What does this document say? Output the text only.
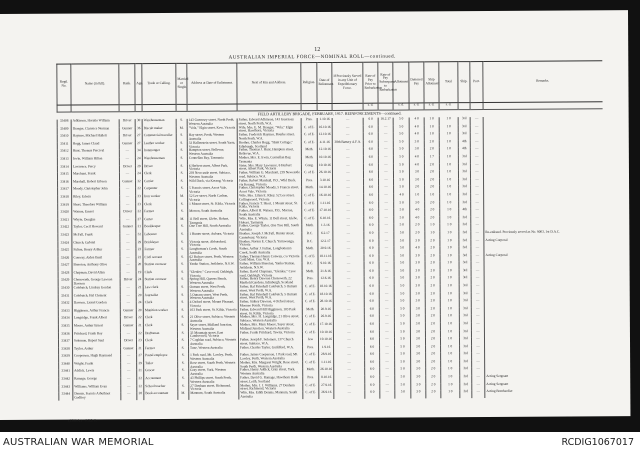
12
AUSTRALIAN IMPERIAL FORCE—NOMINAL ROLL—continued.
Regtl. No.	Name (in full).	Rank.	Age.	Trade or Calling.	Married or Single.	Address at Date of Enlistment.	Next of Kin and Address.	Religion.	Date of Enlistment.	If Previously Served in any Unit of Expeditionary Force.	Rate of Pay Prior to Embarkation	Rate of Pay Subsequent to Embarkation	Allotment	Deferred Pay	Ship Allotment	Total	Ship.	Port.	Remarks.
											s. d.		s. d.	s. d.	s. d.	s. d.			
FIELD ARTILLERY BRIGADE, FEBRUARY, 1917. REINFORCEMENTS—continued.																			
33408	Adkinson, Horatio William	Driver	30	Warehouseman	S.	143 Guernsey street, North Perth, Western Australia	Father, Edward Adkinson, 143 Guernsey street, North Perth, W.A.	Pres.	1.10.16	—	6 0	16.2.17	5 0	4 0	1 0	1 0	3rd	—	
33409	Draeger, Clarence Norman	Gunner	36	Biscuit maker	M.	"Vola," Elgin street, Kew, Victoria	Wife, Mrs. E. M. Draeger, "Vola," Elgin street, Hawthorn, Victoria	C. of E.	16.10.16	—	6 0	—	5 0	4 0	1 0	1 0	3rd	—	
33410	Haymes, Michael Hallett	Driver	27	Commercial traveller	S.	Hay street, Perth, Western Australia	Father, Frederick Haymes, Bourke street, North Perth, W.A.	C. of E.	12.10.16	—	6 0	—	5 0	4 0	1 0	1 0	3rd	—	
33411	Hogg, James Claud	Gunner	27	Leather worker	S.	33 Hallenstein street, South Yarra, Victoria	Brother, Charles Hogg, "Hunt Cottage," Edinburgh, Scotland	C. of E.	4.11.16	38th Battery A.F.A.	6 0	—	5 0	3 0	2 0	1 0	4th	—	
33412	Hunt, Thomas Percival	—	34	Ironmonger	S.	Hampton street, Bellevue, Western Australia	Father, Thomas J. Hunt, Hampton street, Bellevue, W.A.	Meth.	12.10.16	—	6 0	—	5 0	3 0	2 0	1 0	4th	—	
33413	Irwin, William Hilton	—	24	Warehouseman	S.	Connellan Bay, Tasmania	Mother, Mrs. E. Irwin, Connellan Bay, Tasmania	Meth.	10.10.16	—	6 0	—	5 0	4 0	1 7	1 0	3rd	—	
33414	Lawrence, Percy	Driver	29	Driver	S.	6 Herbert street, Albert Park, Victoria	Sister, Mrs. Mary Lawrence, 6 Herbert street, Albert Park, Victoria	Cong.	10.10.16	—	6 0	—	5 0	4 0	2 0	1 0	3rd	—	
33415	Marchant, Frank	—	24	Clerk	S.	239 Newcastle street, Subiaco, Western Australia	Father, William G. Marchant, 239 Newcastle road, Subiaco, W.A.	C. of E.	26.10.16	—	6 0	—	5 0	3 0	2 0	1 0	3rd	—	
33416	Marshall, Robert Gibson	Gunner	32	Carrier	S.	Wild Duck, via Kerang, Victoria	Father, Robert Marshall, P.O., Wild Duck, via Kerang, Victoria	Pres.	3.10.16	—	6 0	—	5 0	3 0	2 0	1 0	3rd	—	
33417	Moody, Christopher John	—	22	Carpenter	S.	5 Francis street, Ascot Vale, Victoria	Father, Christopher Moody, 5 Francis street, Ascot Vale, Victoria	Meth.	14.10.16	—	6 0	—	5 0	2 0	2 0	1 0	3rd	—	
33418	Riley, Edwin	—	33	Iron worker	M.	52 Lee street, North Carlton, Victoria	Wife, Mrs. Lilian E. Riley, 52 Lee street, Collingwood, Victoria	C. of E.	16.10.16	—	6 0	—	4 0	1 0	1 0	1 0	3rd	—	
33419	Short, Theodore William	—	23	Clerk	S.	1 Mount street, St. Kilda, Victoria	Father, Francis T. Short, 1 Mount street, St. Kilda, Victoria	C. of E.	1.11.16	—	6 0	—	5 0	3 0	2 0	1 0	3rd	—	
33420	Watson, Ernest	Driver	22	Farmer	S.	Morron, South Australia	Father, Albert H. Watson, P.O., Morron, South Australia	C. of E.	17.10.16	—	6 0	—	5 0	4 0	2 0	1 0	4th	—	
33421	Whyte, Douglas	—	27	Carter	M.	11 Bell street, Glebe, Hobart, Tasmania	Wife, Mrs. E. Whyte, 11 Bell street, Glebe, Hobart, Tasmania	C. of E.	6.10.16	—	6 0	—	5 0	4 0	2 0	1 0	3rd	—	
33422	Taylor, Cecil Howard	Gunner	21	Bookkeeper	S.	One Tree Hill, South Australia	Father, George Taylor, One Tree Hill, South Australia	Meth.	1.3.16	—	6 0	—	5 0	2 0	1 0	1 0	3rd	—	
33423	McFall, Frank	—	32	Labourer	S.	1 Hunter street, Auburn, Victoria	Brother, Joseph J. McFall, Hunter street, Canterbury, Victoria	R.C.	6.2.17	—	6 0	—	5 0	2 0	1 0	1 0	3rd	—	Re-enlisted. Previously served as No. 9003, 1st D.A.C.
33424	Church, Gabriel	—	29	Bricklayer	S.	Victoria street, Abbotsford, Victoria	Brother, Norton E. Church, Yarrawonga, Victoria	R.C.	12.2.17	—	6 0	—	5 0	3 0	2 0	1 0	3rd	—	Acting Corporal
33425	Fulton, Henry Arthur	—	23	Farmer	S.	Longbottom's Creek, South Australia	Father, Arthur J. Fulton, Longbottom's Creek, South Australia	Meth.	20.9.16	—	6 0	—	5 0	4 0	2 0	1 0	3rd	—	
33426	Conway, Aiden Basil	—	22	Civil servant	S.	62 Bulwer street, Perth, Western Australia	Father, Thomas Henry Conway, c/o Victoria Gold Mine, Cue, W.A.	C. of E.	18.11.16	—	6 0	—	5 0	3 0	2 0	1 0	3rd	—	Acting Corporal
33427	Brereton, Anthony Olive	—	20	Station overseer	S.	Yanko Station, Jerilderie, N.S.W.	Father, William Brereton, Yanko Station, Jerilderie, N.S.W.	R.C.	9.10.16	—	6 0	—	5 0	3 0	2 0	1 0	3rd	—	
33428	Chapman, David Allan	—	19	Clerk	S.	"Glenlee," Cave road, Oakleigh, Victoria	Father, David Chapman, "Glenlee," Cave road, Oakleigh, Victoria	Meth.	21.8.16	—	6 0	—	5 0	3 0	2 0	1 0	3rd	—	
33429	Chenoweth, George Lawson Dawson	Driver	24	Station overseer	S.	Spring Hill, Queens Bench, Western Australia	Father, Henry Dawson Chenoweth, 22 Marfield Gardens, Edinburgh, Scotland	Pres.	12.6.16	—	6 0	—	5 0	3 0	2 0	1 0	3rd	—	
33430	Colebatch, Lindsay Gordon	—	21	Law clerk	S.	Outram street, West Perth, Western Australia	Father, Hal Pateshall Colebatch, 5 Outram street, West Perth, W.A.	C. of E.	18.10.16	—	6 0	—	5 0	3 0	2 0	1 0	3rd	—	
33431	Colebatch, Hal Clement	—	20	Journalist	S.	5 Outram street, West Perth, Western Australia	Father, Hal Pateshall Colebatch, 5 Outram street, West Perth, W.A.	C. of E.	18.10.16	—	6 0	—	5 0	3 0	2 0	1 0	3rd	—	
33432	Dawson, Lionel Gordon	—	24	Clerk	S.	4 Oxford street, Mount Pleasant, Victoria	Father, Sidney Dawson, 4 Oxford street, Moonee Ponds, Victoria	C. of E.	28.10.16	—	6 0	—	5 0	3 0	2 0	1 0	3rd	—	
33433	Higginson, Arthur Francis	Gunner	20	Munition worker	S.	103 Park street, St. Kilda, Victoria	Father, Edward Hill Higginson, 103 Park street, St. Kilda, Victoria	Meth.	20.9.16	—	6 0	—	5 0	3 0	2 0	1 0	3rd	—	
33434	Longridge, Frank Albert	Driver	22	Clerk	S.	21 Olive street, Subiaco, Western Australia	Mother, Mrs. H. Longridge, 21 Olive street, Subiaco, Western Australia	C. of E.	26.9.16	—	6 0	—	5 0	3 0	2 0	1 0	3rd	—	
33435	Moore, Arthur Ernest	Gunner	21	Clerk	S.	Sayer street, Midland Junction, Western Australia	Mother, Mrs. Mary Moore, Sayer street, Midland Junction, Western Australia	C. of E.	17.10.16	—	6 0	—	5 0	3 0	2 0	1 0	3rd	—	
33436	Pritchard, Frank Roy	—	22	Draftsman	S.	33 Mountain street, East Camberwell, Victoria	Father, Frank Pritchard, Tawny, Victoria	C. of E.	10.10.16	—	6 0	—	5 0	3 0	2 0	1 0	3rd	—	
33437	Solomon, Rupert Saul	Driver	23	Clerk	S.	7 Coghlan road, Subiaco, Western Australia	Father, Joseph F. Solomon, 137 Church street, Subiaco, W.A.	Jew	19.10.16	—	6 0	—	5 0	3 0	2 0	1 0	3rd	—	
33438	Taylor, Arthur	Gunner	21	Farmer	S.	Tone, Western Australia	Father, Charles Taylor, Guildford, W.A.	Pres.	1.9.16	—	6 0	—	5 0	3 0	2 0	1 0	3rd	—	
33439	Cooperson, Hugh Raymond	—	27	Postal employee	S.	1 Park road, Mt. Lawley, Perth, Western Australia	Father, James Cooperson, 1 Park road, Mt. Lawley, Perth, Western Australia	C. of E.	28.9.16	—	6 0	—	5 0	3 0	2 0	1 0	3rd	—	
33440	Wright, Frank	—	29	Tailor	S.	Rose street, South Perth, Western Australia	Mother, Mrs. Margaret Wright, Rose street, South Perth, Western Australia	C. of E.	1.11.16	—	6 0	—	5 0	3 0	2 0	1 0	3rd	—	
33441	Addick, Lewis	—	21	Grocer	S.	Gray street, York, Western Australia	Father, Henry Addick, Gray street, York, Western Australia	Meth.	26.10.16	—	6 0	—	5 0	3 0	2 0	1 0	3rd	—	
33442	Ramage, George	—	22	Accountant	S.	43 Phillips street, South Perth, Western Australia	Father, David G. Ramage, Hawthorn Bank street, Leith, Scotland	Pres.	8.10.16	—	6 0	—	5 0	3 0	2 0	1 0	3rd	—	Acting Sergeant
33443	Williams, William Evan	—	22	School teacher	S.	27 Denham street, Richmond, Victoria	Mother, Mrs. J. J. Williams, 27 Denham street, Richmond, Victoria	C. of E.	27.9.16	—	6 0	—	5 0	3 0	2 0	1 0	3rd	—	Acting Sergeant
33444	Dennis, Francis Arbuthnot Godfrey	—	28	Book accountant	M.	Mannum, South Australia	Wife, Mrs. Edith Dennis, Mannum, South Australia	C. of E.	26.9.16	—	6 0	—	5 0	3 0	2 0	1 0	3rd	—	Acting Bombardier
(1388 A.)—F.5.3. 0.—
AUSTRALIAN WAR MEMORIAL	RCDIG1067017
